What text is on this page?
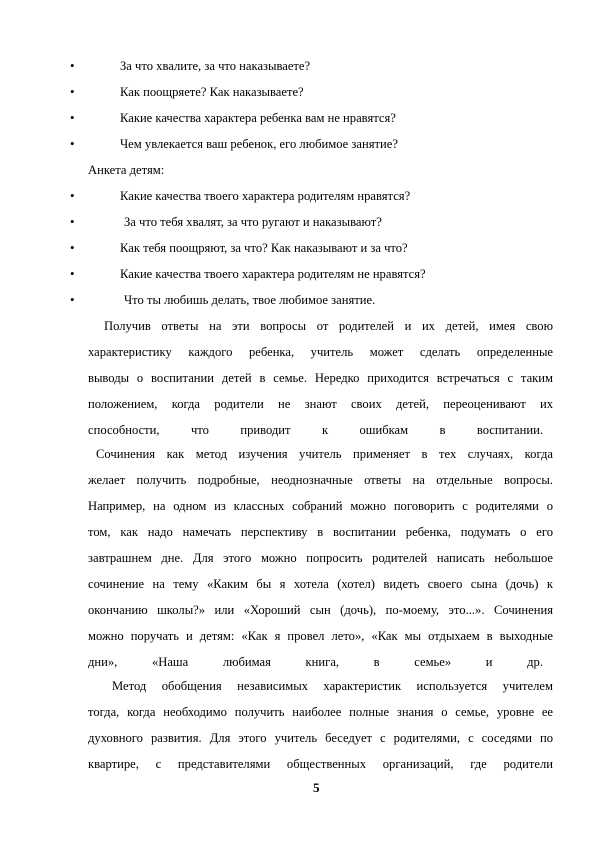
•	За что хвалите, за что наказываете?
•	Как поощряете? Как наказываете?
•	Какие качества характера ребенка вам не нравятся?
•	Чем увлекается ваш ребенок, его любимое занятие?
Анкета детям:
•	Какие качества твоего характера родителям нравятся?
•	За что тебя хвалят, за что ругают и наказывают?
•	Как тебя поощряют, за что? Как наказывают и за что?
•	Какие качества твоего характера родителям не нравятся?
•	Что ты любишь делать, твое любимое занятие.
Получив ответы на эти вопросы от родителей и их детей, имея свою
характеристику каждого ребенка, учитель может сделать определенные
выводы о воспитании детей в семье. Нередко приходится встречаться с таким
положением, когда родители не знают своих детей, переоценивают их
способности, что приводит к ошибкам в воспитании.
Сочинения как метод изучения учитель применяет в тех случаях, когда
желает получить подробные, неоднозначные ответы на отдельные вопросы.
Например, на одном из классных собраний можно поговорить с родителями о
том, как надо намечать перспективу в воспитании ребенка, подумать о его
завтрашнем дне. Для этого можно попросить родителей написать небольшое
сочинение на тему «Каким бы я хотела (хотел) видеть своего сына (дочь) к
окончанию школы?» или «Хороший сын (дочь), по-моему, это...». Сочинения
можно поручать и детям: «Как я провел лето», «Как мы отдыхаем в выходные
дни», «Наша любимая книга, в семье» и др.
Метод обобщения независимых характеристик используется учителем
тогда, когда необходимо получить наиболее полные знания о семье, уровне ее
духовного развития. Для этого учитель беседует с родителями, с соседями по
квартире, с представителями общественных организаций, где родители
5
